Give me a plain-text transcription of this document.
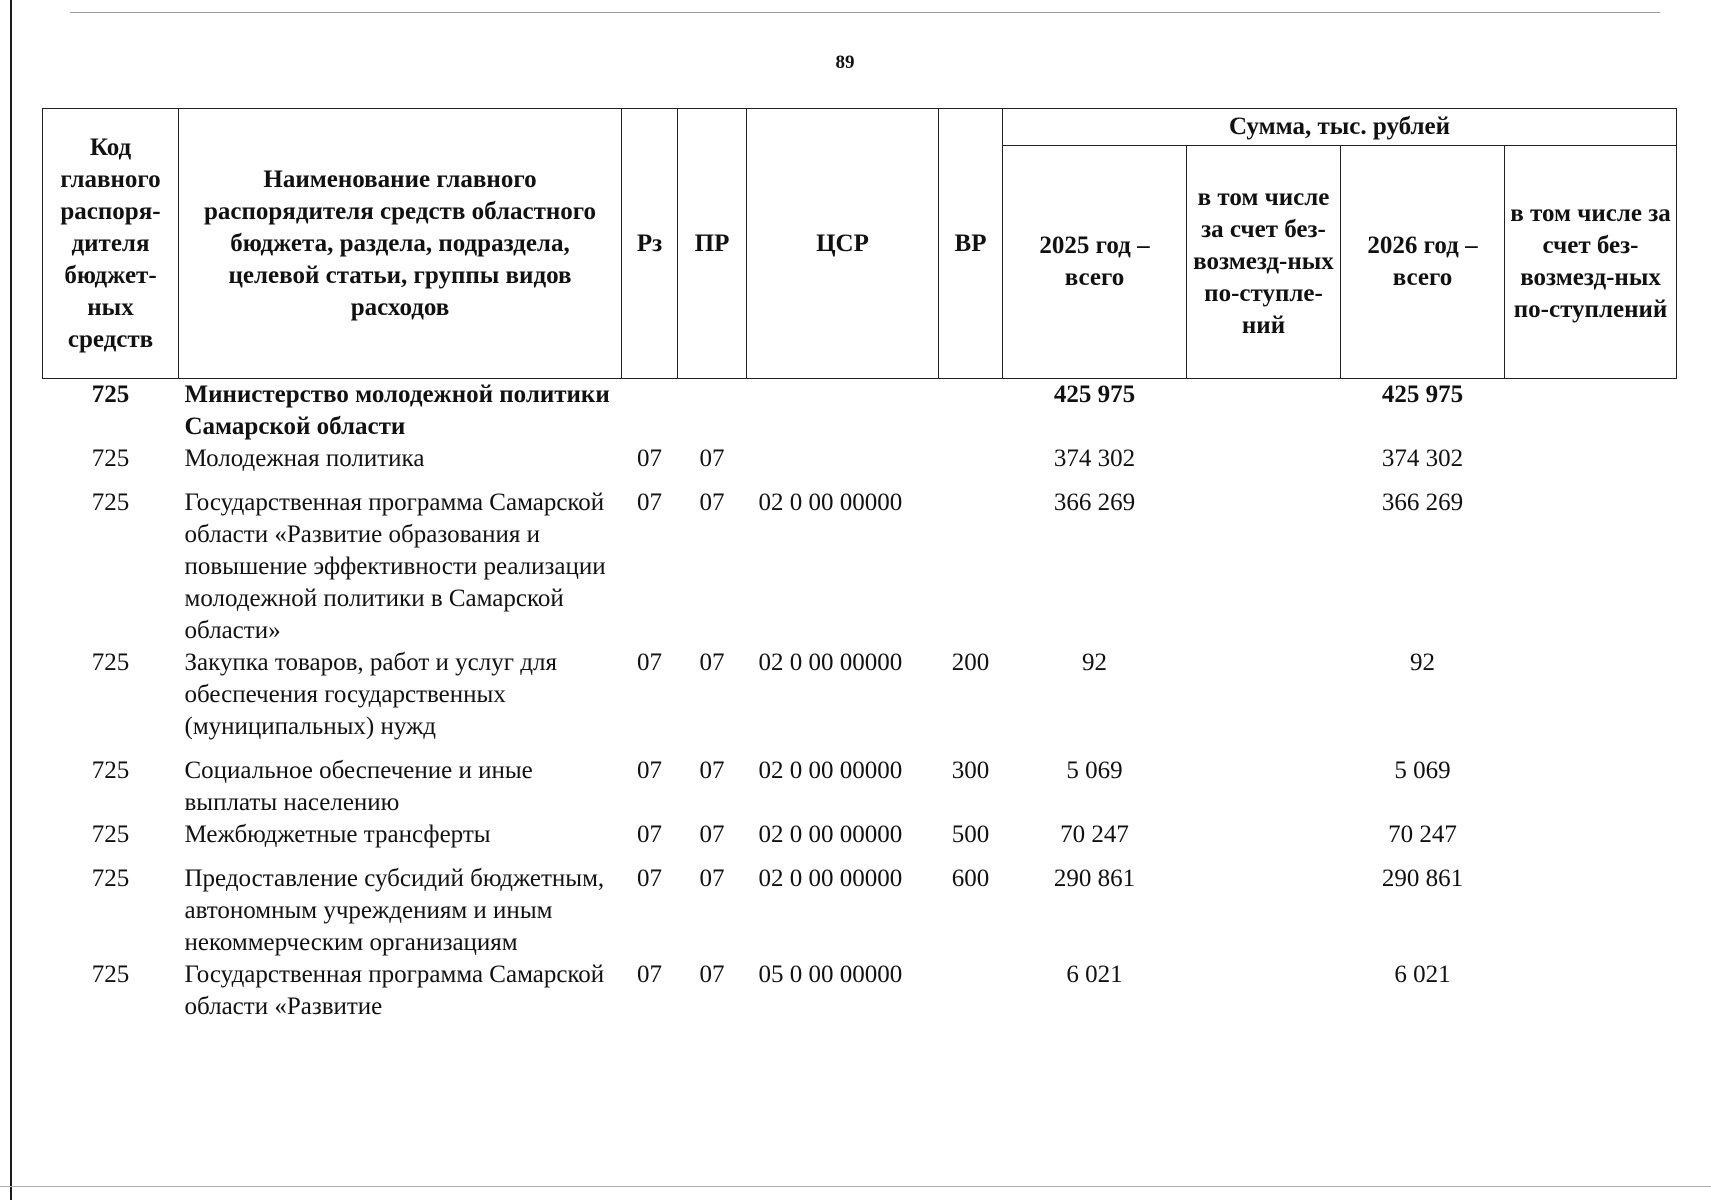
89
Код главного распоря-дителя бюджет-ных средств	Наименование главного распорядителя средств областного бюджета, раздела, подраздела, целевой статьи, группы видов расходов	Рз	ПР	ЦСР	ВР	Сумма, тыс. рублей			
						2025 год – всего	в том числе за счет без-возмезд-ных по-ступле-ний	2026 год – всего	в том числе за счет без-возмезд-ных по-ступлений
725	Министерство молодежной политики Самарской области					425 975		425 975	
725	Молодежная политика	07	07			374 302		374 302	
725	Государственная программа Самарской области «Развитие образования и повышение эффективности реализации молодежной политики в Самарской области»	07	07	02 0 00 00000		366 269		366 269	
725	Закупка товаров, работ и услуг для обеспечения государственных (муниципальных) нужд	07	07	02 0 00 00000	200	92		92	
725	Социальное обеспечение и иные выплаты населению	07	07	02 0 00 00000	300	5 069		5 069	
725	Межбюджетные трансферты	07	07	02 0 00 00000	500	70 247		70 247	
725	Предоставление субсидий бюджетным, автономным учреждениям и иным некоммерческим организациям	07	07	02 0 00 00000	600	290 861		290 861	
725	Государственная программа Самарской области «Развитие	07	07	05 0 00 00000		6 021		6 021	
